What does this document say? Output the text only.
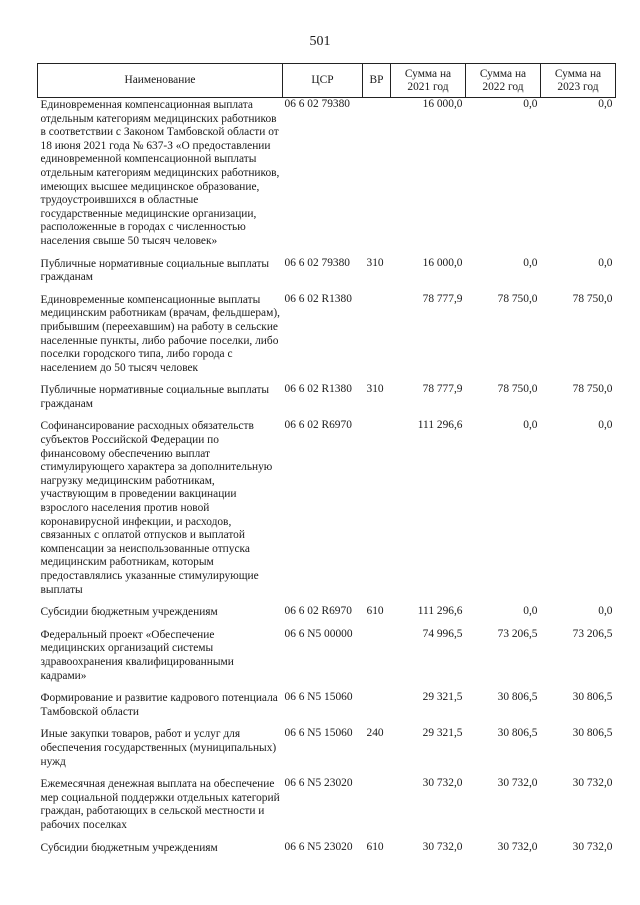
501
Наименование	ЦСР	ВР	Сумма на 2021 год	Сумма на 2022 год	Сумма на 2023 год
Единовременная компенсационная выплата отдельным категориям медицинских работников в соответствии с Законом Тамбовской области от 18 июня 2021 года № 637-З «О предоставлении единовременной компенсационной выплаты отдельным категориям медицинских работников, имеющих высшее медицинское образование, трудоустроившихся в областные государственные медицинские организации, расположенные в городах с численностью населения свыше 50 тысяч человек»	06 6 02 79380		16 000,0	0,0	0,0
Публичные нормативные социальные выплаты гражданам	06 6 02 79380	310	16 000,0	0,0	0,0
Единовременные компенсационные выплаты медицинским работникам (врачам, фельдшерам), прибывшим (переехавшим) на работу в сельские населенные пункты, либо рабочие поселки, либо поселки городского типа, либо города с населением до 50 тысяч человек	06 6 02 R1380		78 777,9	78 750,0	78 750,0
Публичные нормативные социальные выплаты гражданам	06 6 02 R1380	310	78 777,9	78 750,0	78 750,0
Софинансирование расходных обязательств субъектов Российской Федерации по финансовому обеспечению выплат стимулирующего характера за дополнительную нагрузку медицинским работникам, участвующим в проведении вакцинации взрослого населения против новой коронавирусной инфекции, и расходов, связанных с оплатой отпусков и выплатой компенсации за неиспользованные отпуска медицинским работникам, которым предоставлялись указанные стимулирующие выплаты	06 6 02 R6970		111 296,6	0,0	0,0
Субсидии бюджетным учреждениям	06 6 02 R6970	610	111 296,6	0,0	0,0
Федеральный проект «Обеспечение медицинских организаций системы здравоохранения квалифицированными кадрами»	06 6 N5 00000		74 996,5	73 206,5	73 206,5
Формирование и развитие кадрового потенциала Тамбовской области	06 6 N5 15060		29 321,5	30 806,5	30 806,5
Иные закупки товаров, работ и услуг для обеспечения государственных (муниципальных) нужд	06 6 N5 15060	240	29 321,5	30 806,5	30 806,5
Ежемесячная денежная выплата на обеспечение мер социальной поддержки отдельных категорий граждан, работающих в сельской местности и рабочих поселках	06 6 N5 23020		30 732,0	30 732,0	30 732,0
Субсидии бюджетным учреждениям	06 6 N5 23020	610	30 732,0	30 732,0	30 732,0
